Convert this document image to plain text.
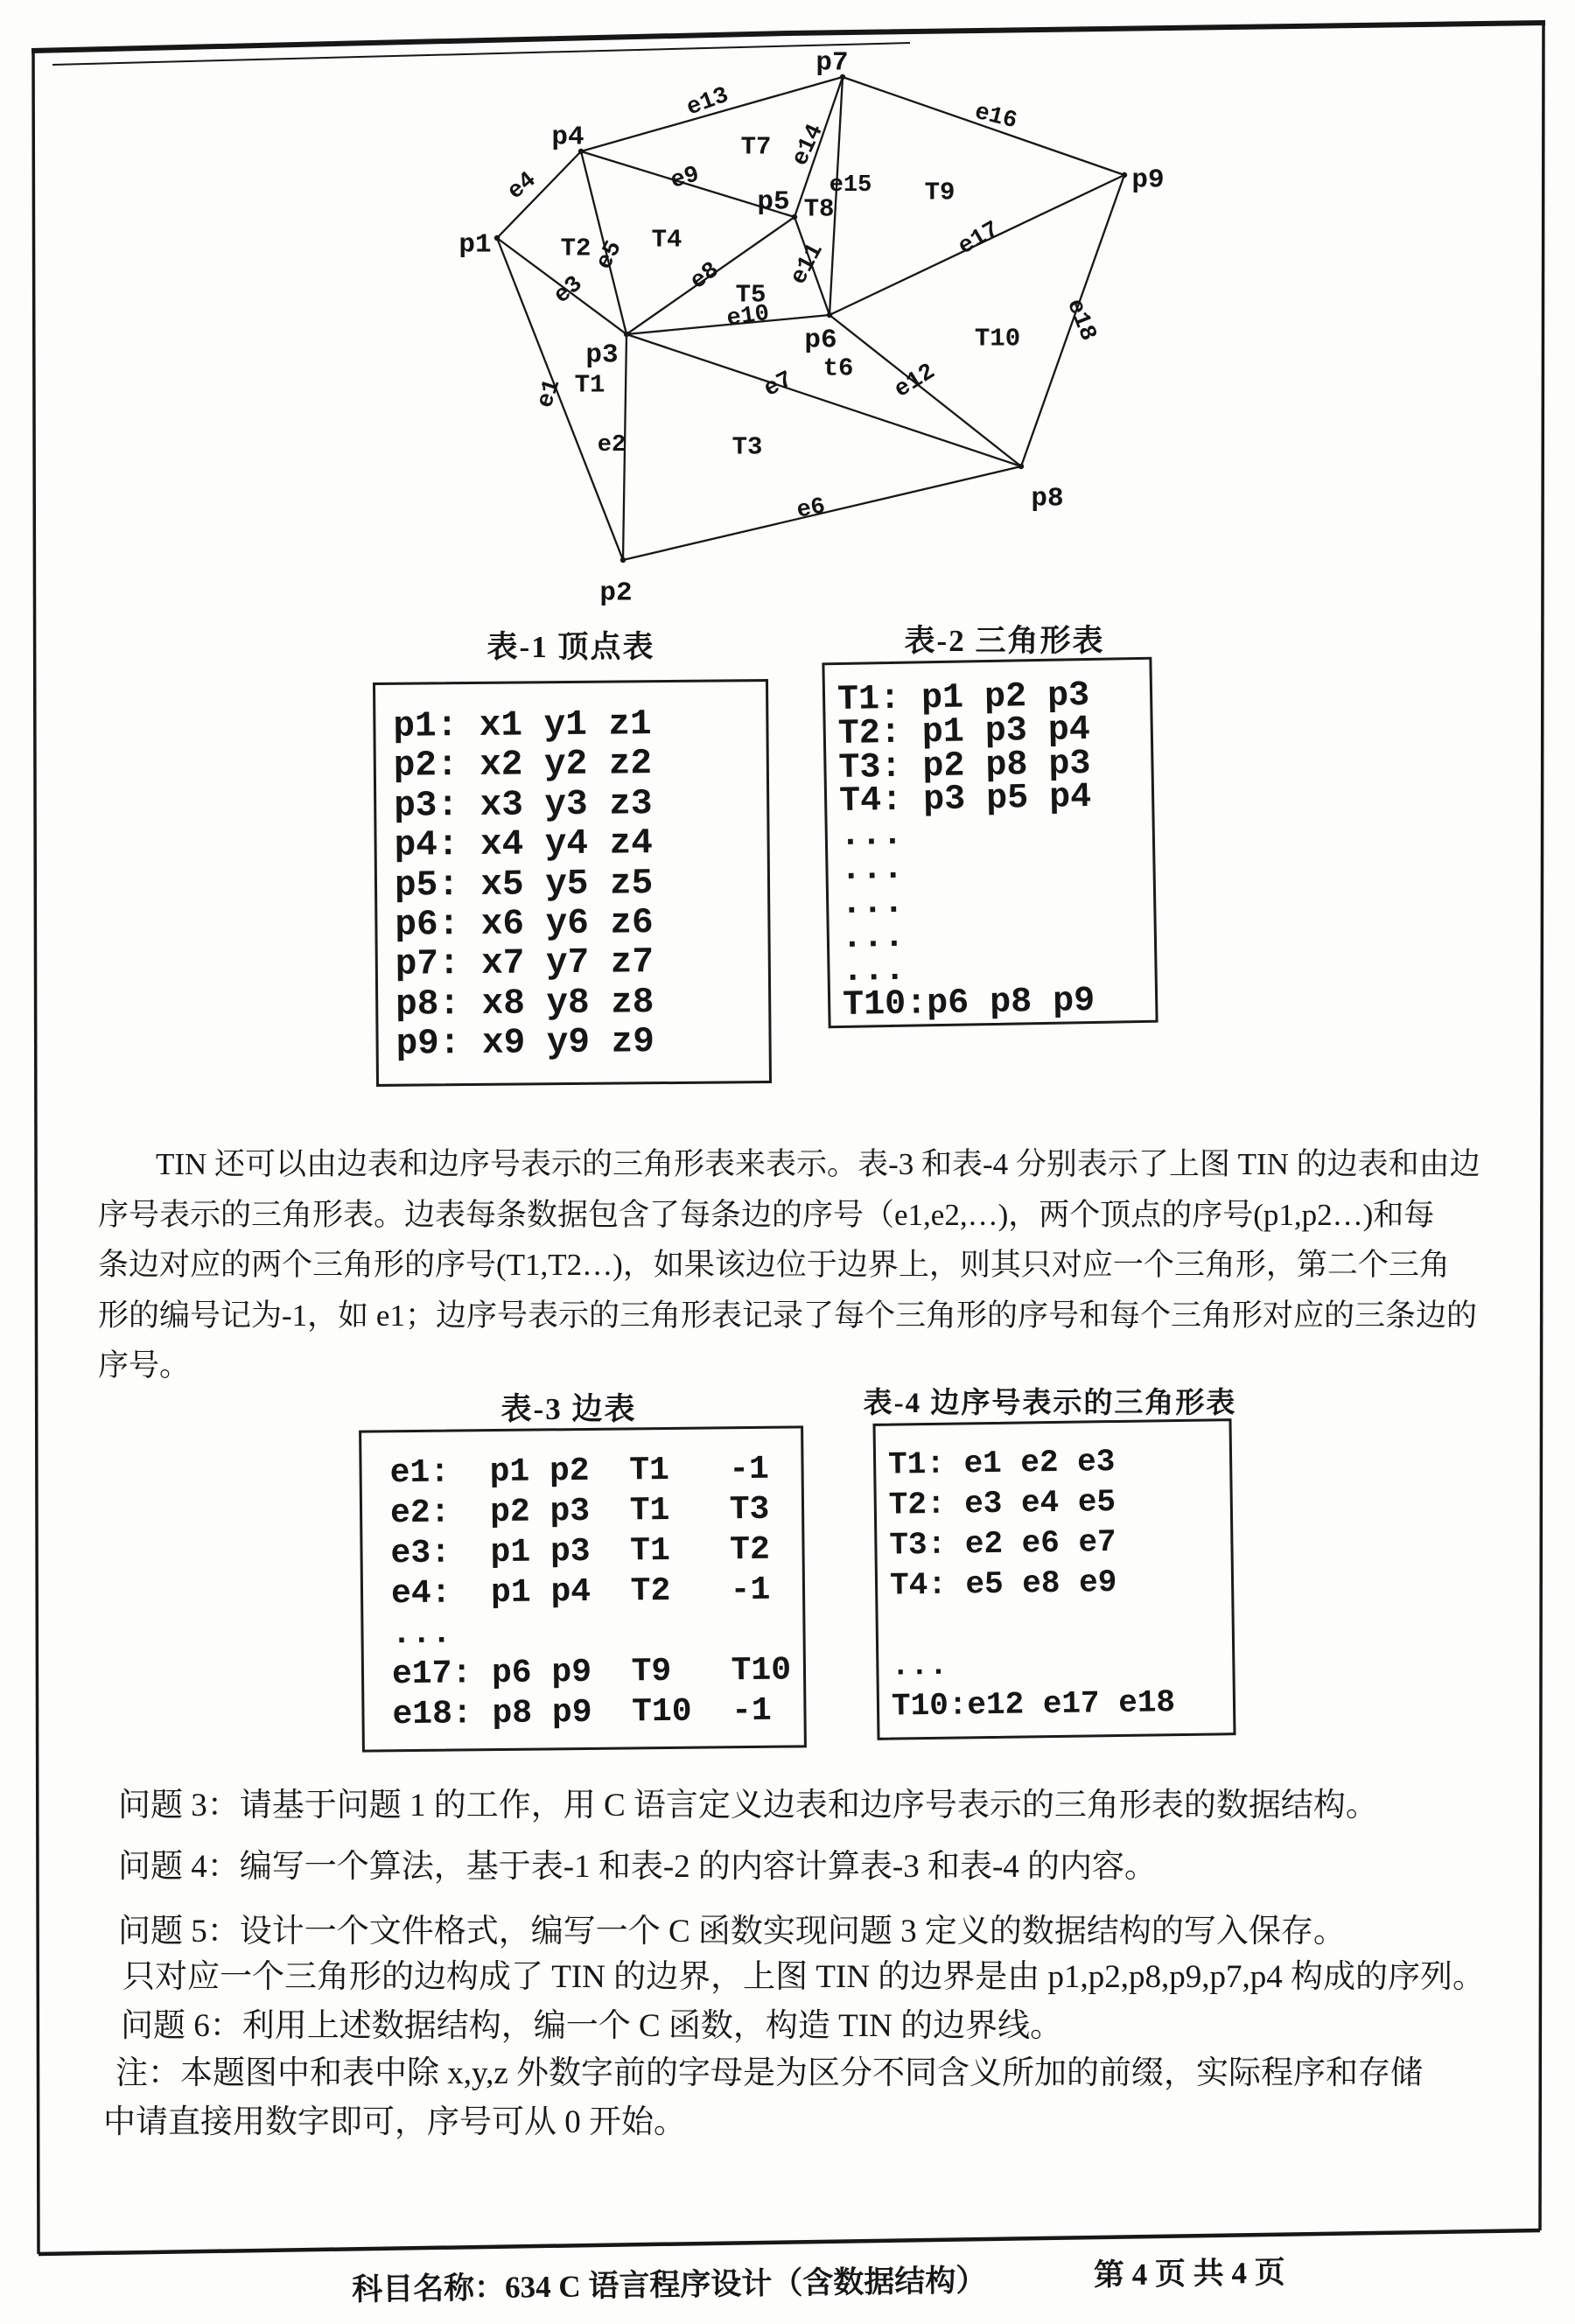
p1
p2
p3
p4
p5
p6
p7
p8
p9
e1
e2
e3
e4
e5
e6
e7
e8
e9
e10
e11
e12
e13
e14
e15
e16
e17
e18
T1
T2
T3
T4
T5
t6
T7
T8
T9
T10
表-1 顶点表	表-2 三角形表
表-3 边表	表-4 边序号表示的三角形表
p1: x1 y1 z1
p2: x2 y2 z2
p3: x3 y3 z3
p4: x4 y4 z4
p5: x5 y5 z5
p6: x6 y6 z6
p7: x7 y7 z7
p8: x8 y8 z8
p9: x9 y9 z9
T1: p1 p2 p3
T2: p1 p3 p4
T3: p2 p8 p3
T4: p3 p5 p4
...
...
...
...
...
T10:p6 p8 p9
e1:  p1 p2  T1   -1
e2:  p2 p3  T1   T3
e3:  p1 p3  T1   T2
e4:  p1 p4  T2   -1
...
e17: p6 p9  T9   T10
e18: p8 p9  T10  -1
T1: e1 e2 e3
T2: e3 e4 e5
T3: e2 e6 e7
T4: e5 e8 e9

...
T10:e12 e17 e18
TIN 还可以由边表和边序号表示的三角形表来表示。表-3 和表-4 分别表示了上图 TIN 的边表和由边
序号表示的三角形表。边表每条数据包含了每条边的序号（e1,e2,…)，两个顶点的序号(p1,p2…)和每
条边对应的两个三角形的序号(T1,T2…)，如果该边位于边界上，则其只对应一个三角形，第二个三角
形的编号记为-1，如 e1；边序号表示的三角形表记录了每个三角形的序号和每个三角形对应的三条边的
序号。
问题 3：请基于问题 1 的工作，用 C 语言定义边表和边序号表示的三角形表的数据结构。
问题 4：编写一个算法，基于表-1 和表-2 的内容计算表-3 和表-4 的内容。
问题 5：设计一个文件格式，编写一个 C 函数实现问题 3 定义的数据结构的写入保存。
只对应一个三角形的边构成了 TIN 的边界，上图 TIN 的边界是由 p1,p2,p8,p9,p7,p4 构成的序列。
问题 6：利用上述数据结构，编一个 C 函数，构造 TIN 的边界线。
注：本题图中和表中除 x,y,z 外数字前的字母是为区分不同含义所加的前缀，实际程序和存储
中请直接用数字即可，序号可从 0 开始。
科目名称：634 C 语言程序设计（含数据结构）	第 4 页 共 4 页
